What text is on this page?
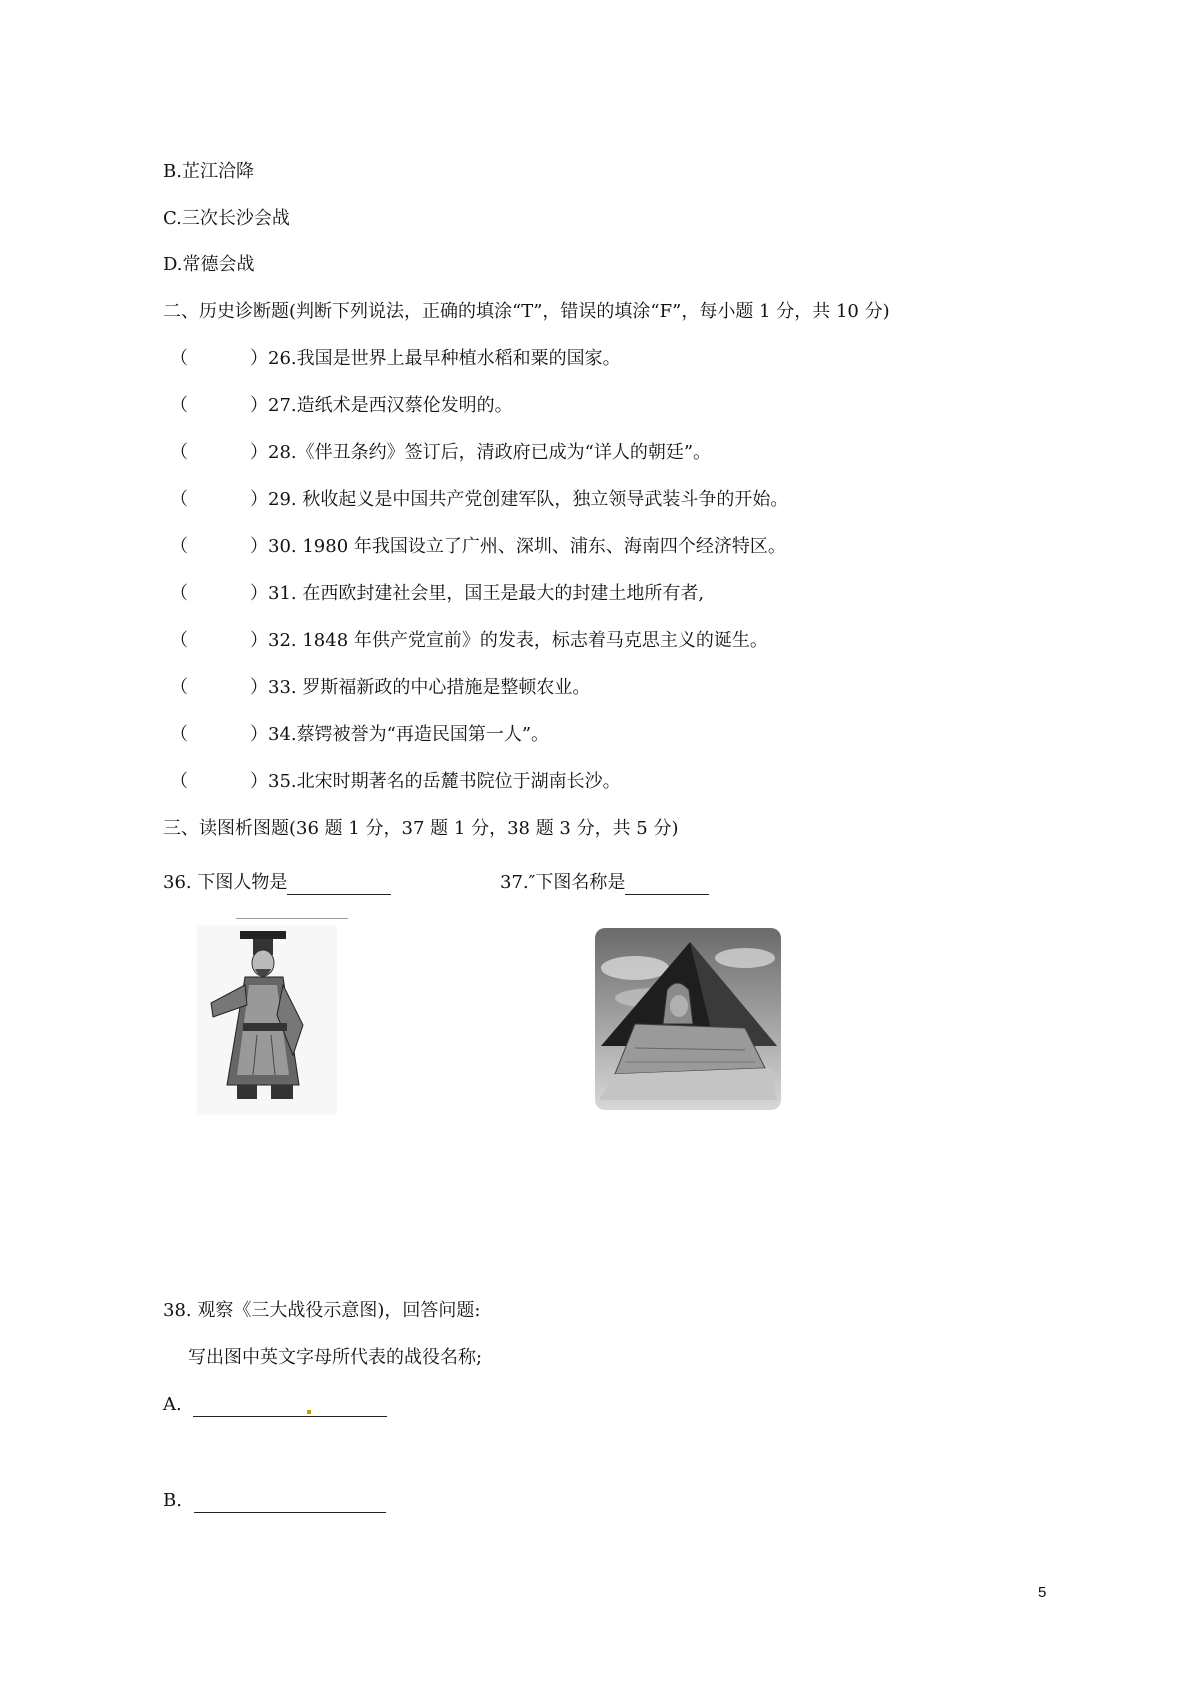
B.芷江洽降
C.三次长沙会战
D.常德会战
二、历史诊断题(判断下列说法，正确的填涂“T”，错误的填涂“F”，每小题 1 分，共 10 分)
（	）26.我国是世界上最早种植水稻和粟的国家。
（	）27.造纸术是西汉蔡伦发明的。
（	）28.《伴丑条约》签订后，清政府已成为“详人的朝廷”。
（	）29. 秋收起义是中国共产党创建军队，独立领导武装斗争的开始。
（	）30. 1980 年我国设立了广州、深圳、浦东、海南四个经济特区。
（	）31. 在西欧封建社会里，国王是最大的封建土地所有者,
（	）32. 1848 年供产党宣前》的发表，标志着马克思主义的诞生。
（	）33. 罗斯福新政的中心措施是整顿农业。
（	）34.蔡锷被誉为“再造民国第一人”。
（	）35.北宋时期著名的岳麓书院位于湖南长沙。
三、读图析图题(36 题 1 分，37 题 1 分，38 题 3 分，共 5 分)
36. 下图人物是	37.″下图名称是
38. 观察《三大战役示意图)，回答问题:
写出图中英文字母所代表的战役名称;
A.
B.
5
